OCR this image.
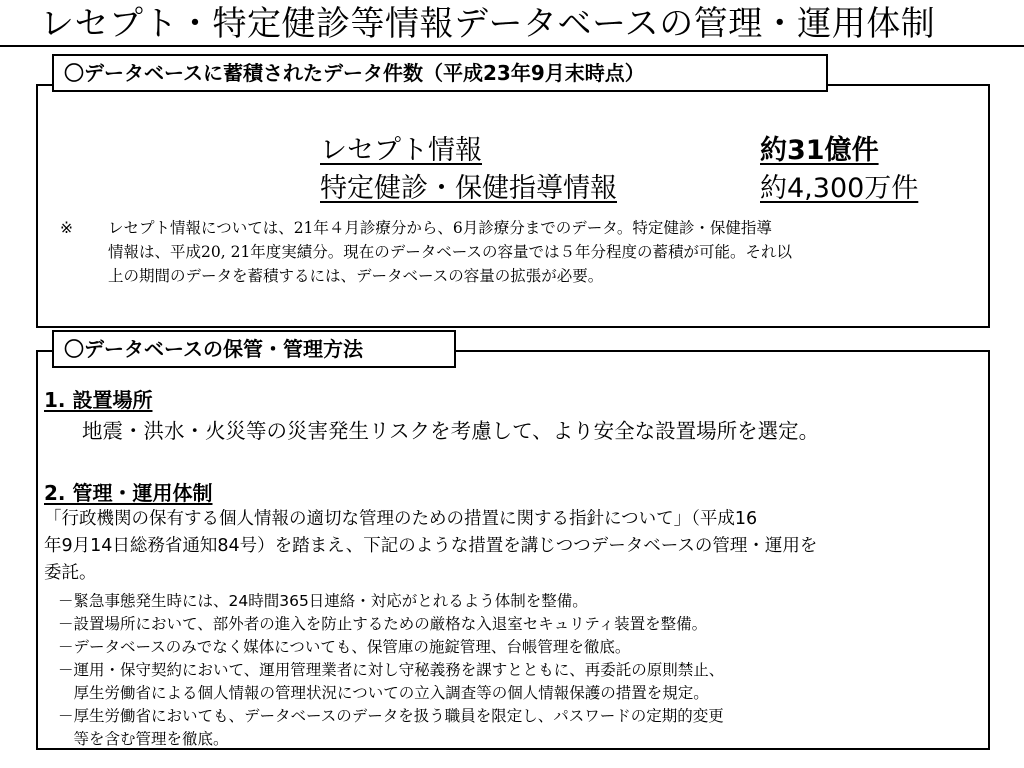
レセプト・特定健診等情報データベースの管理・運用体制
〇データベースに蓄積されたデータ件数（平成23年9月末時点）
レセプト情報	約31億件
特定健診・保健指導情報	約4,300万件
※ レセプト情報については、21年４月診療分から、6月診療分までのデータ。特定健診・保健指導
情報は、平成20, 21年度実績分。現在のデータベースの容量では５年分程度の蓄積が可能。それ以
上の期間のデータを蓄積するには、データベースの容量の拡張が必要。
〇データベースの保管・管理方法
1. 設置場所
地震・洪水・火災等の災害発生リスクを考慮して、より安全な設置場所を選定。
2. 管理・運用体制
「行政機関の保有する個人情報の適切な管理のための措置に関する指針について」（平成16
年9月14日総務省通知84号）を踏まえ、下記のような措置を講じつつデータベースの管理・運用を
委託。
－緊急事態発生時には、24時間365日連絡・対応がとれるよう体制を整備。
－設置場所において、部外者の進入を防止するための厳格な入退室セキュリティ装置を整備。
－データベースのみでなく媒体についても、保管庫の施錠管理、台帳管理を徹底。
－運用・保守契約において、運用管理業者に対し守秘義務を課すとともに、再委託の原則禁止、
　厚生労働省による個人情報の管理状況についての立入調査等の個人情報保護の措置を規定。
－厚生労働省においても、データベースのデータを扱う職員を限定し、パスワードの定期的変更
　等を含む管理を徹底。
